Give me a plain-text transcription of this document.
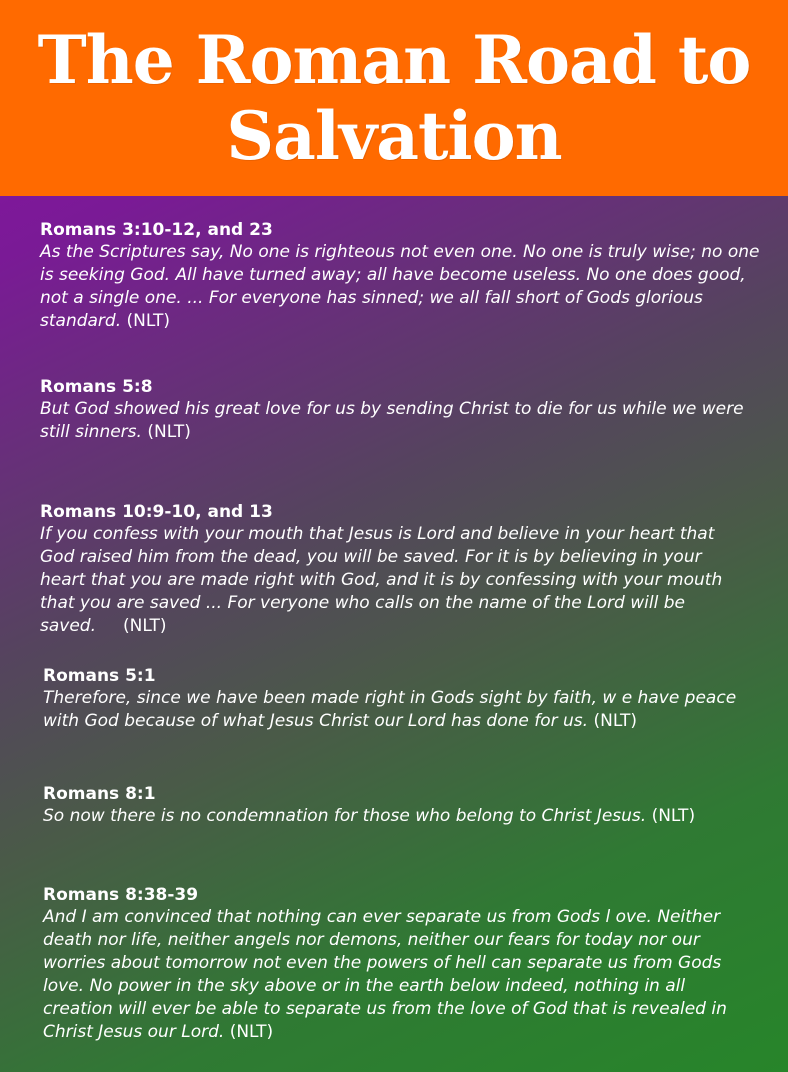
The Roman Road to Salvation
Romans 3:10-12, and 23
As the Scriptures say, No one is righteous not even one. No one is truly wise; no one is seeking God. All have turned away; all have become useless. No one does good, not a single one. ... For everyone has sinned; we all fall short of Gods glorious standard. (NLT)
Romans 5:8
But God showed his great love for us by sending Christ to die for us while we were still sinners. (NLT)
Romans 10:9-10, and 13
If you confess with your mouth that Jesus is Lord and believe in your heart that God raised him from the dead, you will be saved. For it is by believing in your heart that you are made right with God, and it is by confessing with your mouth that you are saved ... For veryone who calls on the name of the Lord will be saved. (NLT)
Romans 5:1
Therefore, since we have been made right in Gods sight by faith, w e have peace with God because of what Jesus Christ our Lord has done for us. (NLT)
Romans 8:1
So now there is no condemnation for those who belong to Christ Jesus. (NLT)
Romans 8:38-39
And I am convinced that nothing can ever separate us from Gods l ove. Neither death nor life, neither angels nor demons, neither our fears for today nor our worries about tomorrow not even the powers of hell can separate us from Gods love. No power in the sky above or in the earth below indeed, nothing in all creation will ever be able to separate us from the love of God that is revealed in Christ Jesus our Lord. (NLT)
